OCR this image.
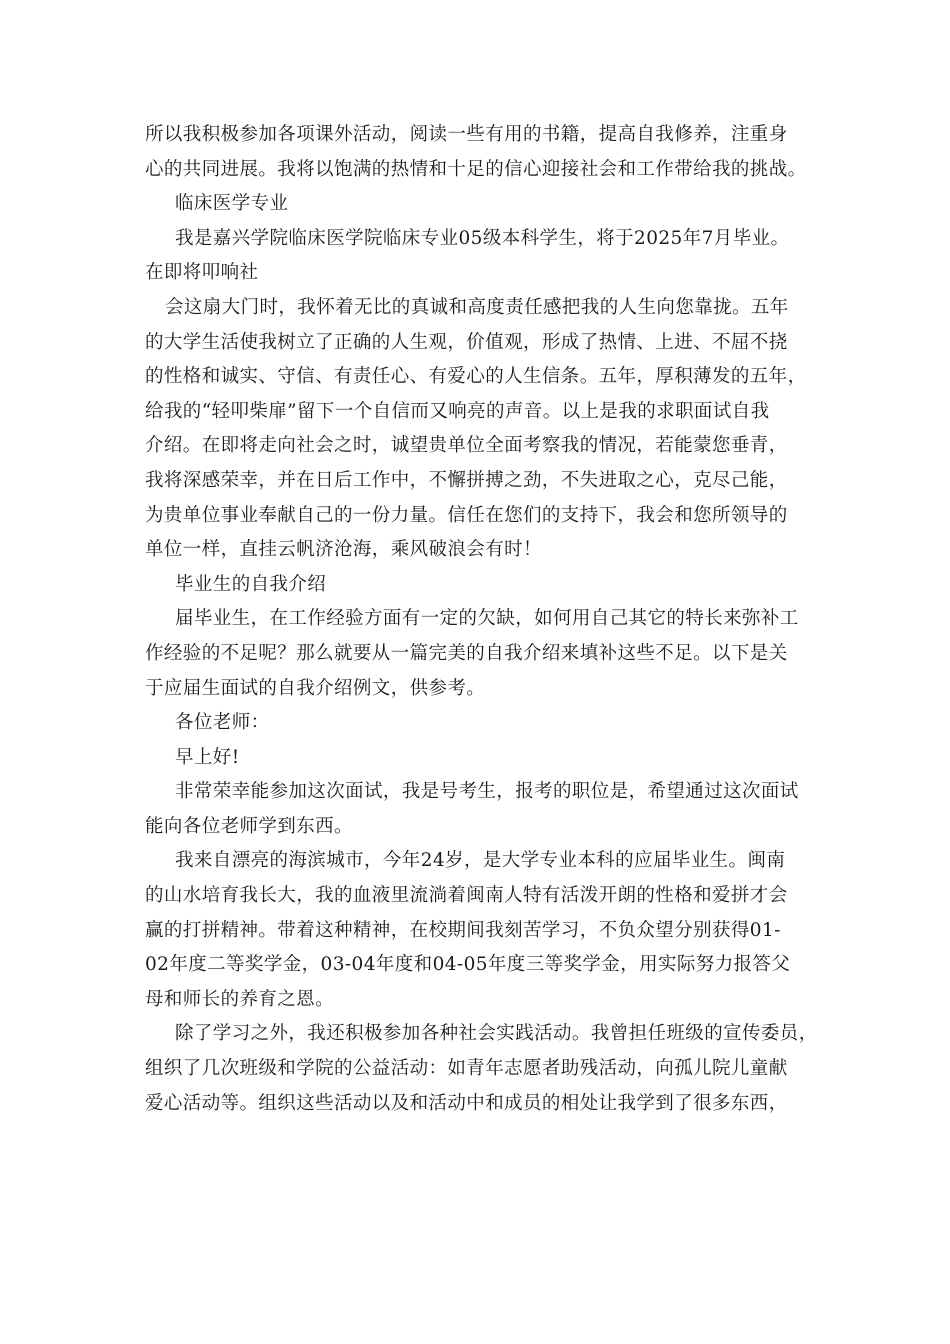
所以我积极参加各项课外活动，阅读一些有用的书籍，提高自我修养，注重身
心的共同进展。我将以饱满的热情和十足的信心迎接社会和工作带给我的挑战。
临床医学专业
我是嘉兴学院临床医学院临床专业05级本科学生，将于2025年7月毕业。
在即将叩响社
会这扇大门时，我怀着无比的真诚和高度责任感把我的人生向您靠拢。五年
的大学生活使我树立了正确的人生观，价值观，形成了热情、上进、不屈不挠
的性格和诚实、守信、有责任心、有爱心的人生信条。五年，厚积薄发的五年，
给我的“轻叩柴扉”留下一个自信而又响亮的声音。以上是我的求职面试自我
介绍。在即将走向社会之时，诚望贵单位全面考察我的情况，若能蒙您垂青，
我将深感荣幸，并在日后工作中，不懈拼搏之劲，不失进取之心，克尽己能，
为贵单位事业奉献自己的一份力量。信任在您们的支持下，我会和您所领导的
单位一样，直挂云帆济沧海，乘风破浪会有时！
毕业生的自我介绍
届毕业生，在工作经验方面有一定的欠缺，如何用自己其它的特长来弥补工
作经验的不足呢？那么就要从一篇完美的自我介绍来填补这些不足。以下是关
于应届生面试的自我介绍例文，供参考。
各位老师：
早上好!
非常荣幸能参加这次面试，我是号考生，报考的职位是，希望通过这次面试
能向各位老师学到东西。
我来自漂亮的海滨城市，今年24岁，是大学专业本科的应届毕业生。闽南
的山水培育我长大，我的血液里流淌着闽南人特有活泼开朗的性格和爱拼才会
赢的打拼精神。带着这种精神，在校期间我刻苦学习，不负众望分别获得01-
02年度二等奖学金，03-04年度和04-05年度三等奖学金，用实际努力报答父
母和师长的养育之恩。
除了学习之外，我还积极参加各种社会实践活动。我曾担任班级的宣传委员，
组织了几次班级和学院的公益活动：如青年志愿者助残活动，向孤儿院儿童献
爱心活动等。组织这些活动以及和活动中和成员的相处让我学到了很多东西，
